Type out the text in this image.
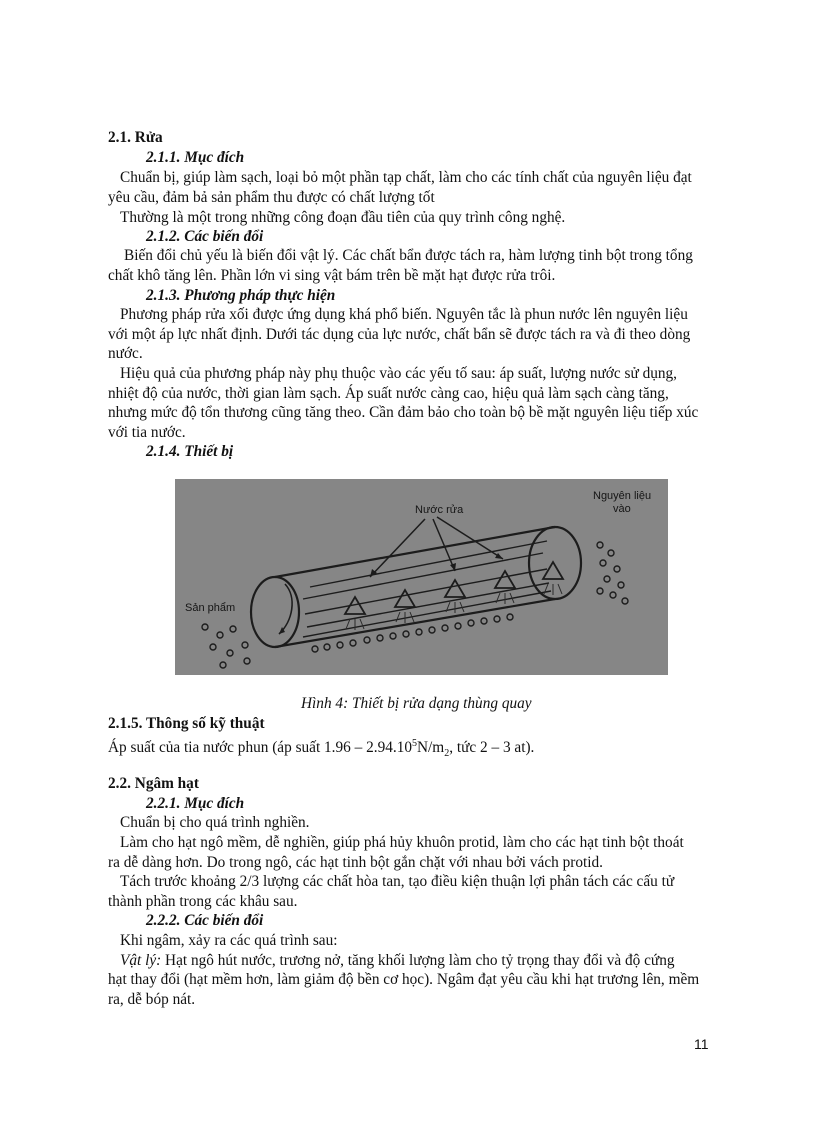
2.1. Rửa

2.1.1. Mục đích

Chuẩn bị, giúp làm sạch, loại bỏ một phần tạp chất, làm cho các tính chất của nguyên liệu đạt

yêu cầu, đảm bả sản phẩm thu được có chất lượng tốt

Thường là một trong những công đoạn đầu tiên của quy trình công nghệ.

2.1.2. Các biến đổi

Biến đổi chủ yếu là biến đổi vật lý. Các chất bẩn được tách ra, hàm lượng tinh bột trong tổng

chất khô tăng lên. Phần lớn vi sing vật bám trên bề mặt hạt được rửa trôi.

2.1.3. Phương pháp thực hiện

Phương pháp rửa xối được ứng dụng khá phổ biến. Nguyên tắc là phun nước lên nguyên liệu

với một áp lực nhất định. Dưới tác dụng của lực nước, chất bẩn sẽ được tách ra và đi theo dòng

nước.

Hiệu quả của phương pháp này phụ thuộc vào các yếu tố sau: áp suất, lượng nước sử dụng,

nhiệt độ của nước, thời gian làm sạch. Áp suất nước càng cao, hiệu quả làm sạch càng tăng,

nhưng mức độ tổn thương cũng tăng theo. Cần đảm bảo cho toàn bộ bề mặt nguyên liệu tiếp xúc

với tia nước.

2.1.4. Thiết bị

Nước rửa
Nguyên liệu
vào
Sản phẩm

Hình 4: Thiết bị rửa dạng thùng quay

2.1.5. Thông số kỹ thuật

Áp suất của tia nước phun (áp suất $1.96 - 2.94.10^5N/m_2$, tức 2 – 3 at).

2.2. Ngâm hạt

2.2.1. Mục đích

Chuẩn bị cho quá trình nghiền.

Làm cho hạt ngô mềm, dễ nghiền, giúp phá hủy khuôn protid, làm cho các hạt tinh bột thoát

ra dễ dàng hơn. Do trong ngô, các hạt tinh bột gắn chặt với nhau bởi vách protid.

Tách trước khoảng 2/3 lượng các chất hòa tan, tạo điều kiện thuận lợi phân tách các cấu tử

thành phần trong các khâu sau.

2.2.2. Các biến đổi

Khi ngâm, xảy ra các quá trình sau:

Vật lý: Hạt ngô hút nước, trương nở, tăng khối lượng làm cho tỷ trọng thay đổi và độ cứng

hạt thay đổi (hạt mềm hơn, làm giảm độ bền cơ học). Ngâm đạt yêu cầu khi hạt trương lên, mềm

ra, dễ bóp nát.

11
